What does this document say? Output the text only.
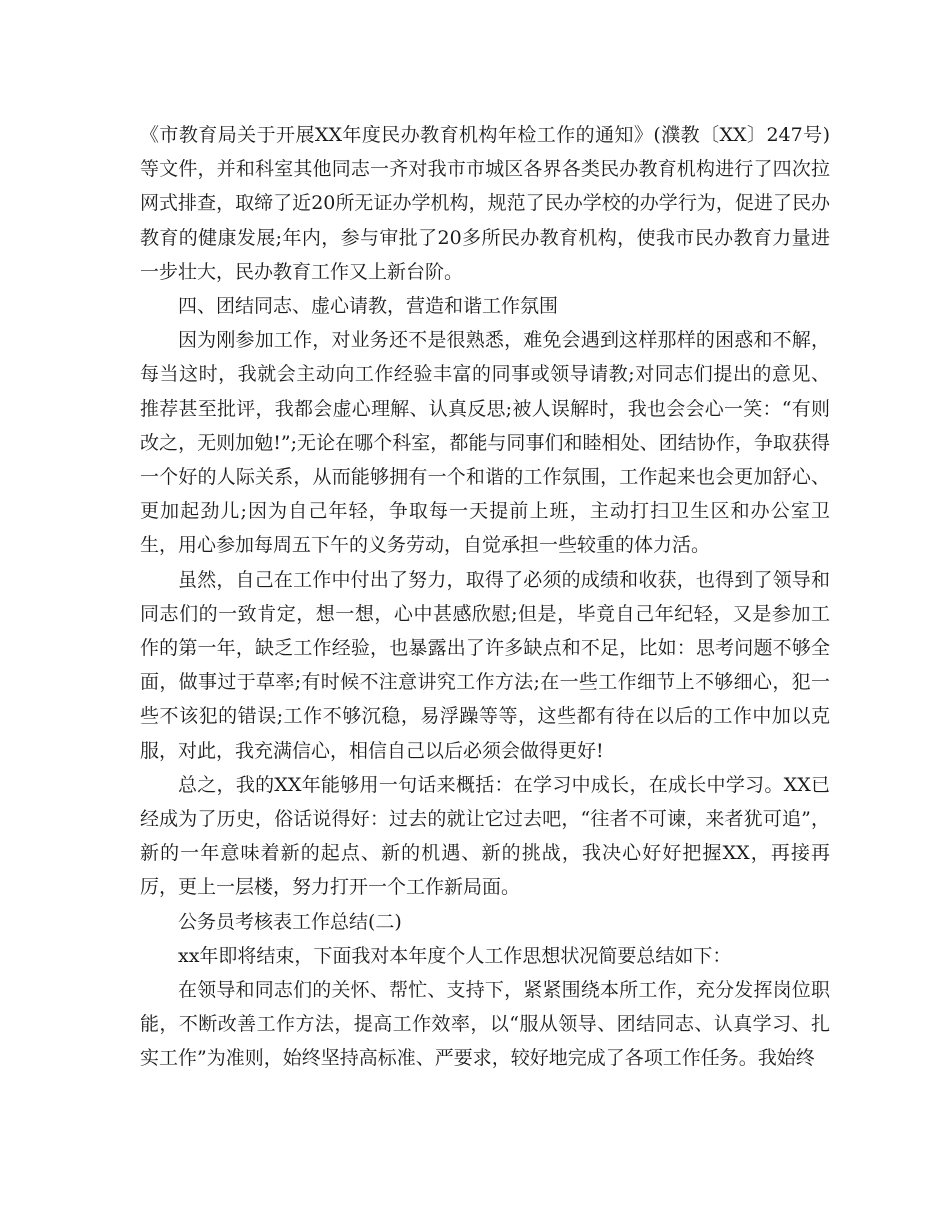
《市教育局关于开展XX年度民办教育机构年检工作的通知》(濮教〔XX〕247号)等文件，并和科室其他同志一齐对我市市城区各界各类民办教育机构进行了四次拉网式排查，取缔了近20所无证办学机构，规范了民办学校的办学行为，促进了民办教育的健康发展;年内，参与审批了20多所民办教育机构，使我市民办教育力量进一步壮大，民办教育工作又上新台阶。

四、团结同志、虚心请教，营造和谐工作氛围

因为刚参加工作，对业务还不是很熟悉，难免会遇到这样那样的困惑和不解，每当这时，我就会主动向工作经验丰富的同事或领导请教;对同志们提出的意见、推荐甚至批评，我都会虚心理解、认真反思;被人误解时，我也会会心一笑：“有则改之，无则加勉!”;无论在哪个科室，都能与同事们和睦相处、团结协作，争取获得一个好的人际关系，从而能够拥有一个和谐的工作氛围，工作起来也会更加舒心、更加起劲儿;因为自己年轻，争取每一天提前上班，主动打扫卫生区和办公室卫生，用心参加每周五下午的义务劳动，自觉承担一些较重的体力活。

虽然，自己在工作中付出了努力，取得了必须的成绩和收获，也得到了领导和同志们的一致肯定，想一想，心中甚感欣慰;但是，毕竟自己年纪轻，又是参加工作的第一年，缺乏工作经验，也暴露出了许多缺点和不足，比如：思考问题不够全面，做事过于草率;有时候不注意讲究工作方法;在一些工作细节上不够细心，犯一些不该犯的错误;工作不够沉稳，易浮躁等等，这些都有待在以后的工作中加以克服，对此，我充满信心，相信自己以后必须会做得更好!

总之，我的XX年能够用一句话来概括：在学习中成长，在成长中学习。XX已经成为了历史，俗话说得好：过去的就让它过去吧，“往者不可谏，来者犹可追”，新的一年意味着新的起点、新的机遇、新的挑战，我决心好好把握XX，再接再厉，更上一层楼，努力打开一个工作新局面。

公务员考核表工作总结(二)

xx年即将结束，下面我对本年度个人工作思想状况简要总结如下：

在领导和同志们的关怀、帮忙、支持下，紧紧围绕本所工作，充分发挥岗位职能，不断改善工作方法，提高工作效率，以“服从领导、团结同志、认真学习、扎实工作”为准则，始终坚持高标准、严要求，较好地完成了各项工作任务。我始终
